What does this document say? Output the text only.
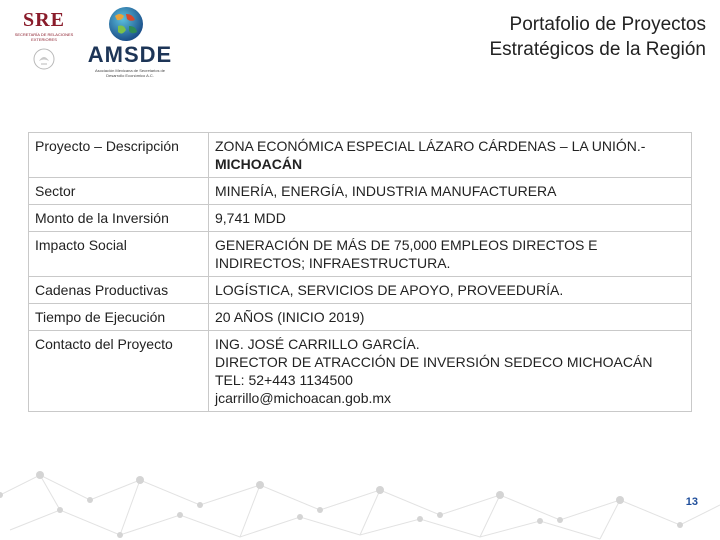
SRE
SECRETARÍA DE RELACIONES EXTERIORES
AMSDE
Asociación Mexicana de Secretarios de Desarrollo Económico A.C.
Portafolio de Proyectos
Estratégicos de la Región
Proyecto – Descripción	ZONA ECONÓMICA ESPECIAL LÁZARO CÁRDENAS – LA UNIÓN.- MICHOACÁN
Sector	MINERÍA, ENERGÍA, INDUSTRIA MANUFACTURERA
Monto de la Inversión	9,741 MDD
Impacto Social	GENERACIÓN DE MÁS DE 75,000 EMPLEOS DIRECTOS E INDIRECTOS; INFRAESTRUCTURA.
Cadenas Productivas	LOGÍSTICA, SERVICIOS DE APOYO, PROVEEDURÍA.
Tiempo de Ejecución	20 AÑOS (INICIO 2019)
Contacto del Proyecto	ING. JOSÉ CARRILLO GARCÍA.
DIRECTOR DE ATRACCIÓN DE INVERSIÓN SEDECO MICHOACÁN
TEL: 52+443 1134500
jcarrillo@michoacan.gob.mx
13
